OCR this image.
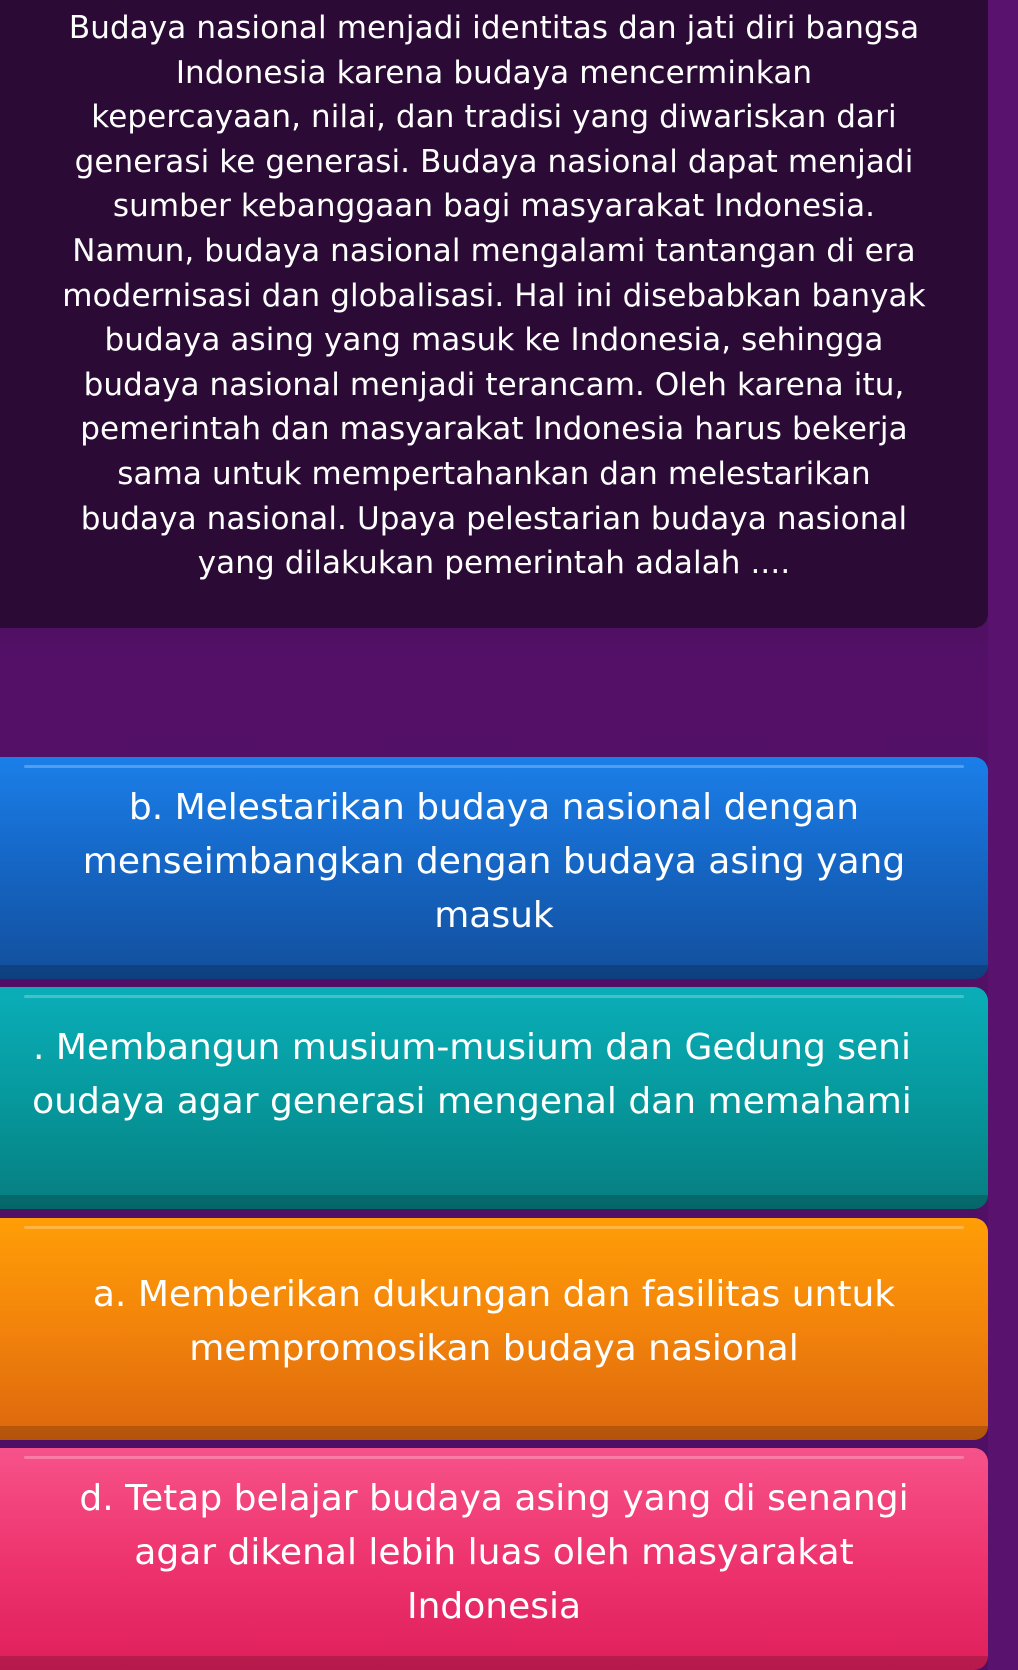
Budaya nasional menjadi identitas dan jati diri bangsa
Indonesia karena budaya mencerminkan
kepercayaan, nilai, dan tradisi yang diwariskan dari
generasi ke generasi. Budaya nasional dapat menjadi
sumber kebanggaan bagi masyarakat Indonesia.
Namun, budaya nasional mengalami tantangan di era
modernisasi dan globalisasi. Hal ini disebabkan banyak
budaya asing yang masuk ke Indonesia, sehingga
budaya nasional menjadi terancam. Oleh karena itu,
pemerintah dan masyarakat Indonesia harus bekerja
sama untuk mempertahankan dan melestarikan
budaya nasional. Upaya pelestarian budaya nasional
yang dilakukan pemerintah adalah ....

b. Melestarikan budaya nasional dengan
menseimbangkan dengan budaya asing yang
masuk

. Membangun musium-musium dan Gedung seni
oudaya agar generasi mengenal dan memahami

a. Memberikan dukungan dan fasilitas untuk
mempromosikan budaya nasional

d. Tetap belajar budaya asing yang di senangi
agar dikenal lebih luas oleh masyarakat
Indonesia
